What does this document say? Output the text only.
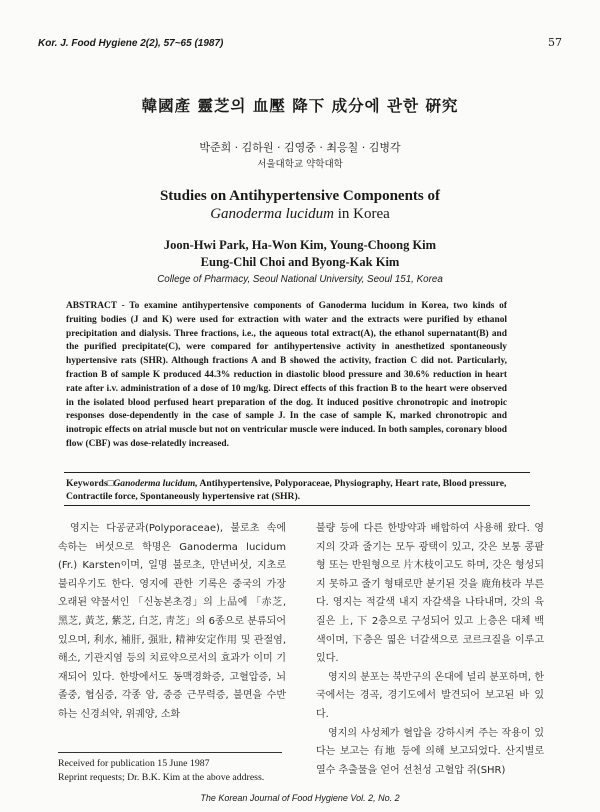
Kor. J. Food Hygiene 2(2), 57~65 (1987)	57
韓國產 靈芝의 血壓 降下 成分에 관한 硏究
박준희 · 김하원 · 김영중 · 최응칠 · 김병각
서울대학교 약학대학
Studies on Antihypertensive Components of
Ganoderma lucidum in Korea
Joon-Hwi Park, Ha-Won Kim, Young-Choong Kim
Eung-Chil Choi and Byong-Kak Kim
College of Pharmacy, Seoul National University, Seoul 151, Korea
ABSTRACT - To examine antihypertensive components of Ganoderma lucidum in Korea, two kinds of fruiting bodies (J and K) were used for extraction with water and the extracts were purified by ethanol precipitation and dialysis. Three fractions, i.e., the aqueous total extract(A), the ethanol supernatant(B) and the purified precipitate(C), were compared for antihypertensive activity in anesthetized spontaneously hypertensive rats (SHR). Although fractions A and B showed the activity, fraction C did not. Particularly, fraction B of sample K produced 44.3% reduction in diastolic blood pressure and 30.6% reduction in heart rate after i.v. administration of a dose of 10 mg/kg. Direct effects of this fraction B to the heart were observed in the isolated blood perfused heart preparation of the dog. It induced positive chronotropic and inotropic responses dose-dependently in the case of sample J. In the case of sample K, marked chronotropic and inotropic effects on atrial muscle but not on ventricular muscle were induced. In both samples, coronary blood flow (CBF) was dose-relatedly increased.
Keywords□Ganoderma lucidum, Antihypertensive, Polyporaceae, Physiography, Heart rate, Blood pressure, Contractile force, Spontaneously hypertensive rat (SHR).

영지는 다공균과(Polyporaceae), 불로초 속에 속하는 버섯으로 학명은 Ganoderma lucidum (Fr.) Karsten이며, 일명 불로초, 만년버섯, 지초로 불리우기도 한다. 영지에 관한 기록은 중국의 가장 오래된 약물서인 「신농본초경」의 上品에 「赤芝, 黑芝, 黃芝, 紫芝, 白芝, 靑芝」의 6종으로 분류되어 있으며, 利水, 補肝, 强壯, 精神安定作用 및 관절염, 해소, 기관지염 등의 치료약으로서의 효과가 이미 기재되어 있다. 한방에서도 동맥경화증, 고혈압증, 뇌졸중, 협심증, 각종 암, 중증 근무력증, 불면을 수반하는 신경쇠약, 위궤양, 소화

불량 등에 다른 한방약과 배합하여 사용해 왔다. 영지의 갓과 줄기는 모두 광택이 있고, 갓은 보통 콩팥형 또는 반원형으로 片木枝이고도 하며, 갓은 형성되지 못하고 줄기 형태로만 분기된 것을 鹿角枝라 부른다. 영지는 적갈색 내지 자갈색을 나타내며, 갓의 육질은 上, 下 2층으로 구성되어 있고 上층은 대체 백색이며, 下층은 엷은 너갈색으로 코르크질을 이루고 있다.

영지의 분포는 북반구의 온대에 널리 분포하며, 한국에서는 경곡, 경기도에서 발견되어 보고된 바 있다.

영지의 사성체가 혈압을 강하시켜 주는 작용이 있다는 보고는 有地 등에 의해 보고되었다. 산지별로 열수 추출물을 얻어 선천성 고혈압 쥐(SHR)

Received for publication 15 June 1987
Reprint requests; Dr. B.K. Kim at the above address.
The Korean Journal of Food Hygiene Vol. 2, No. 2
